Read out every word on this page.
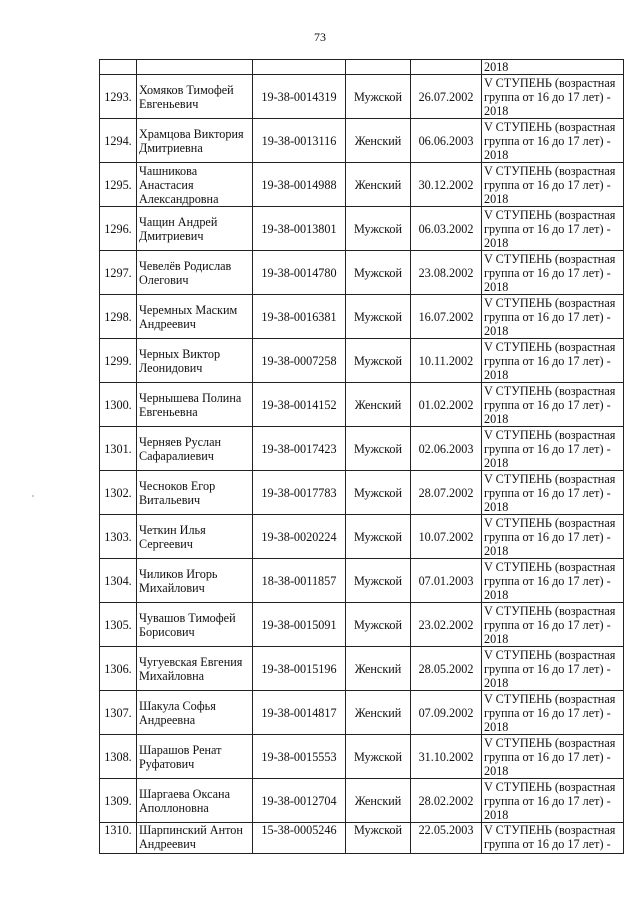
73
					2018
1293.	Хомяков Тимофей Евгеньевич	19-38-0014319	Мужской	26.07.2002	V СТУПЕНЬ (возрастная группа от 16 до 17 лет) - 2018
1294.	Храмцова Виктория Дмитриевна	19-38-0013116	Женский	06.06.2003	V СТУПЕНЬ (возрастная группа от 16 до 17 лет) - 2018
1295.	Чашникова Анастасия Александровна	19-38-0014988	Женский	30.12.2002	V СТУПЕНЬ (возрастная группа от 16 до 17 лет) - 2018
1296.	Чащин Андрей Дмитриевич	19-38-0013801	Мужской	06.03.2002	V СТУПЕНЬ (возрастная группа от 16 до 17 лет) - 2018
1297.	Чевелёв Родислав Олегович	19-38-0014780	Мужской	23.08.2002	V СТУПЕНЬ (возрастная группа от 16 до 17 лет) - 2018
1298.	Черемных Маским Андреевич	19-38-0016381	Мужской	16.07.2002	V СТУПЕНЬ (возрастная группа от 16 до 17 лет) - 2018
1299.	Черных Виктор Леонидович	19-38-0007258	Мужской	10.11.2002	V СТУПЕНЬ (возрастная группа от 16 до 17 лет) - 2018
1300.	Чернышева Полина Евгеньевна	19-38-0014152	Женский	01.02.2002	V СТУПЕНЬ (возрастная группа от 16 до 17 лет) - 2018
1301.	Черняев Руслан Сафаралиевич	19-38-0017423	Мужской	02.06.2003	V СТУПЕНЬ (возрастная группа от 16 до 17 лет) - 2018
1302.	Чесноков Егор Витальевич	19-38-0017783	Мужской	28.07.2002	V СТУПЕНЬ (возрастная группа от 16 до 17 лет) - 2018
1303.	Четкин Илья Сергеевич	19-38-0020224	Мужской	10.07.2002	V СТУПЕНЬ (возрастная группа от 16 до 17 лет) - 2018
1304.	Чиликов Игорь Михайлович	18-38-0011857	Мужской	07.01.2003	V СТУПЕНЬ (возрастная группа от 16 до 17 лет) - 2018
1305.	Чувашов Тимофей Борисович	19-38-0015091	Мужской	23.02.2002	V СТУПЕНЬ (возрастная группа от 16 до 17 лет) - 2018
1306.	Чугуевская Евгения Михайловна	19-38-0015196	Женский	28.05.2002	V СТУПЕНЬ (возрастная группа от 16 до 17 лет) - 2018
1307.	Шакула Софья Андреевна	19-38-0014817	Женский	07.09.2002	V СТУПЕНЬ (возрастная группа от 16 до 17 лет) - 2018
1308.	Шарашов Ренат Руфатович	19-38-0015553	Мужской	31.10.2002	V СТУПЕНЬ (возрастная группа от 16 до 17 лет) - 2018
1309.	Шаргаева Оксана Аполлоновна	19-38-0012704	Женский	28.02.2002	V СТУПЕНЬ (возрастная группа от 16 до 17 лет) - 2018
1310.	Шарпинский Антон Андреевич	15-38-0005246	Мужской	22.05.2003	V СТУПЕНЬ (возрастная группа от 16 до 17 лет) -
